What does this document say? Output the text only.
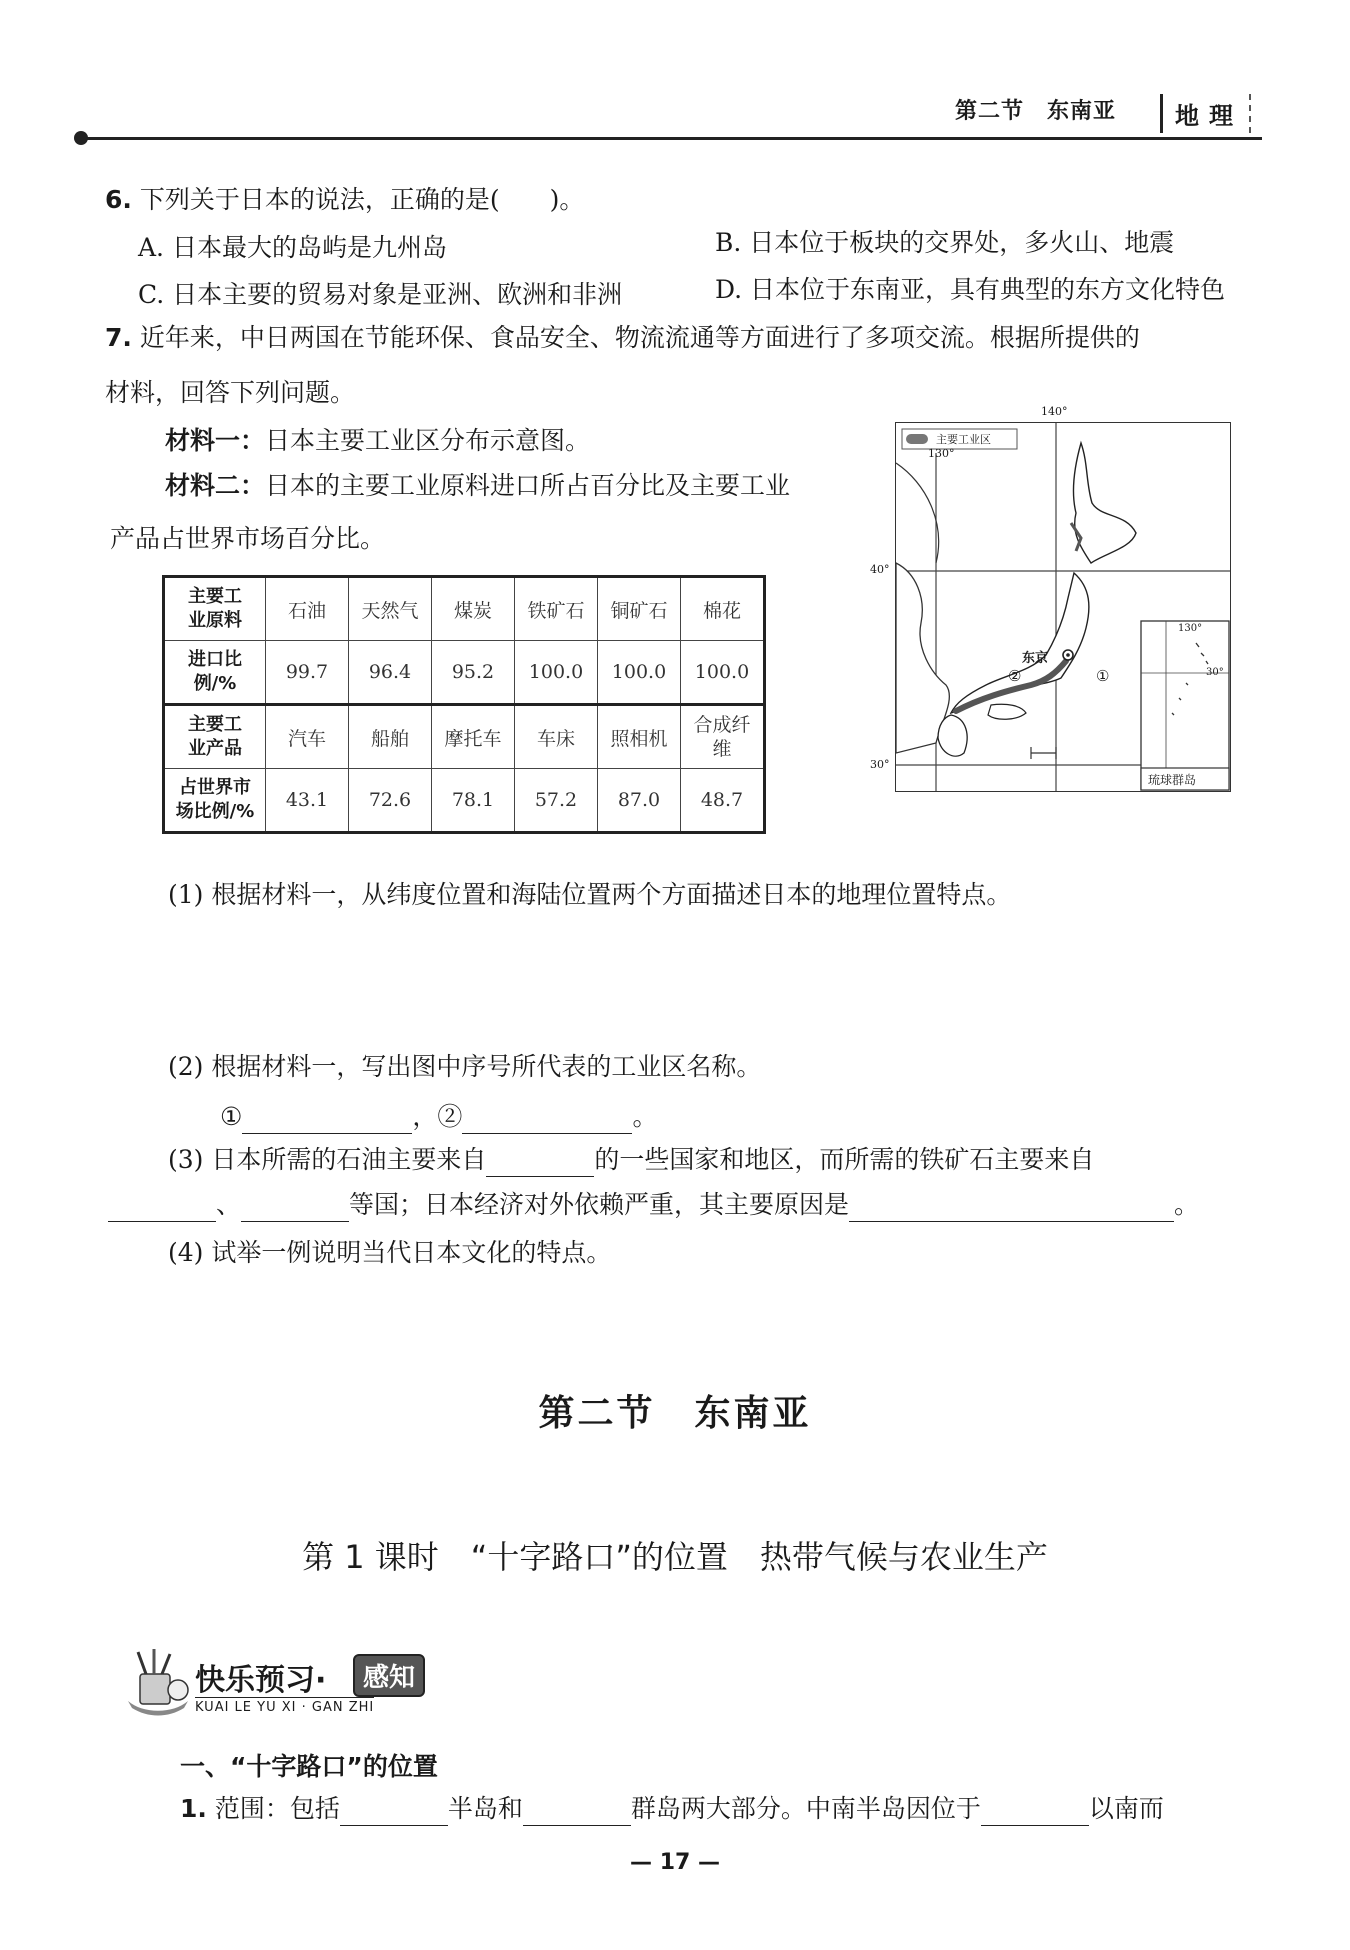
第二节　东南亚	地理
6. 下列关于日本的说法，正确的是(　　)。
A. 日本最大的岛屿是九州岛	B. 日本位于板块的交界处，多火山、地震
C. 日本主要的贸易对象是亚洲、欧洲和非洲	D. 日本位于东南亚，具有典型的东方文化特色
7. 近年来，中日两国在节能环保、食品安全、物流流通等方面进行了多项交流。根据所提供的
材料，回答下列问题。
材料一：日本主要工业区分布示意图。
材料二：日本的主要工业原料进口所占百分比及主要工业
产品占世界市场百分比。
主要工
业原料	石油	天然气	煤炭	铁矿石	铜矿石	棉花
进口比
例/%	99.7	96.4	95.2	100.0	100.0	100.0
主要工
业产品	汽车	船舶	摩托车	车床	照相机	合成纤维
占世界市
场比例/%	43.1	72.6	78.1	57.2	87.0	48.7
主要工业区
140°
130°
40°
30°
130°
30°
东京
①
②
琉球群岛
(1) 根据材料一，从纬度位置和海陆位置两个方面描述日本的地理位置特点。
(2) 根据材料一，写出图中序号所代表的工业区名称。
①	，②	。
(3) 日本所需的石油主要来自	的一些国家和地区，而所需的铁矿石主要来自
、	等国；日本经济对外依赖严重，其主要原因是	。
(4) 试举一例说明当代日本文化的特点。
第二节　东南亚
第 1 课时　“十字路口”的位置　热带气候与农业生产
快乐预习·	感知
KUAI LE YU XI · GAN ZHI
一、“十字路口”的位置
1. 范围：包括	半岛和	群岛两大部分。中南半岛因位于	以南而
— 17 —
